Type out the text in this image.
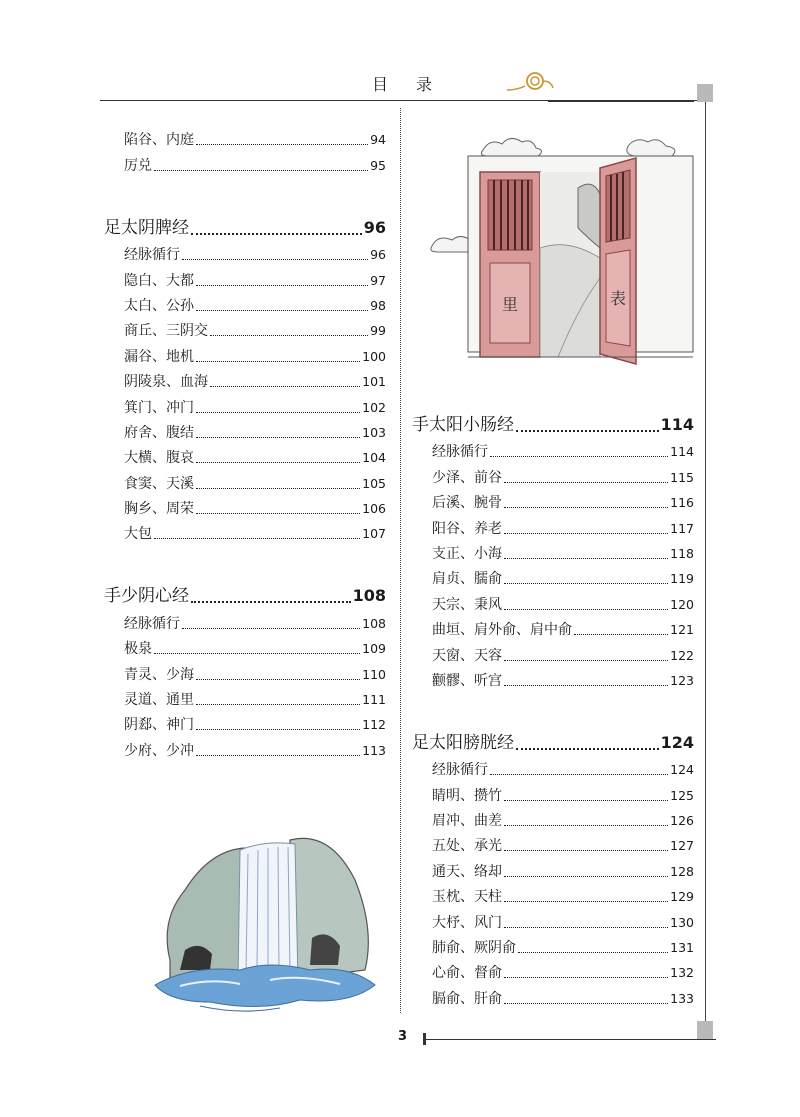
目 录
陷谷、内庭	94
厉兑	95
足太阴脾经	96
经脉循行	96
隐白、大都	97
太白、公孙	98
商丘、三阴交	99
漏谷、地机	100
阴陵泉、血海	101
箕门、冲门	102
府舍、腹结	103
大横、腹哀	104
食窦、天溪	105
胸乡、周荣	106
大包	107
手少阴心经	108
经脉循行	108
极泉	109
青灵、少海	110
灵道、通里	111
阴郄、神门	112
少府、少冲	113
手太阳小肠经	114
经脉循行	114
少泽、前谷	115
后溪、腕骨	116
阳谷、养老	117
支正、小海	118
肩贞、臑俞	119
天宗、秉风	120
曲垣、肩外俞、肩中俞	121
天窗、天容	122
颧髎、听宫	123
足太阳膀胱经	124
经脉循行	124
睛明、攒竹	125
眉冲、曲差	126
五处、承光	127
通天、络却	128
玉枕、天柱	129
大杼、风门	130
肺俞、厥阴俞	131
心俞、督俞	132
膈俞、肝俞	133
里	表
3
